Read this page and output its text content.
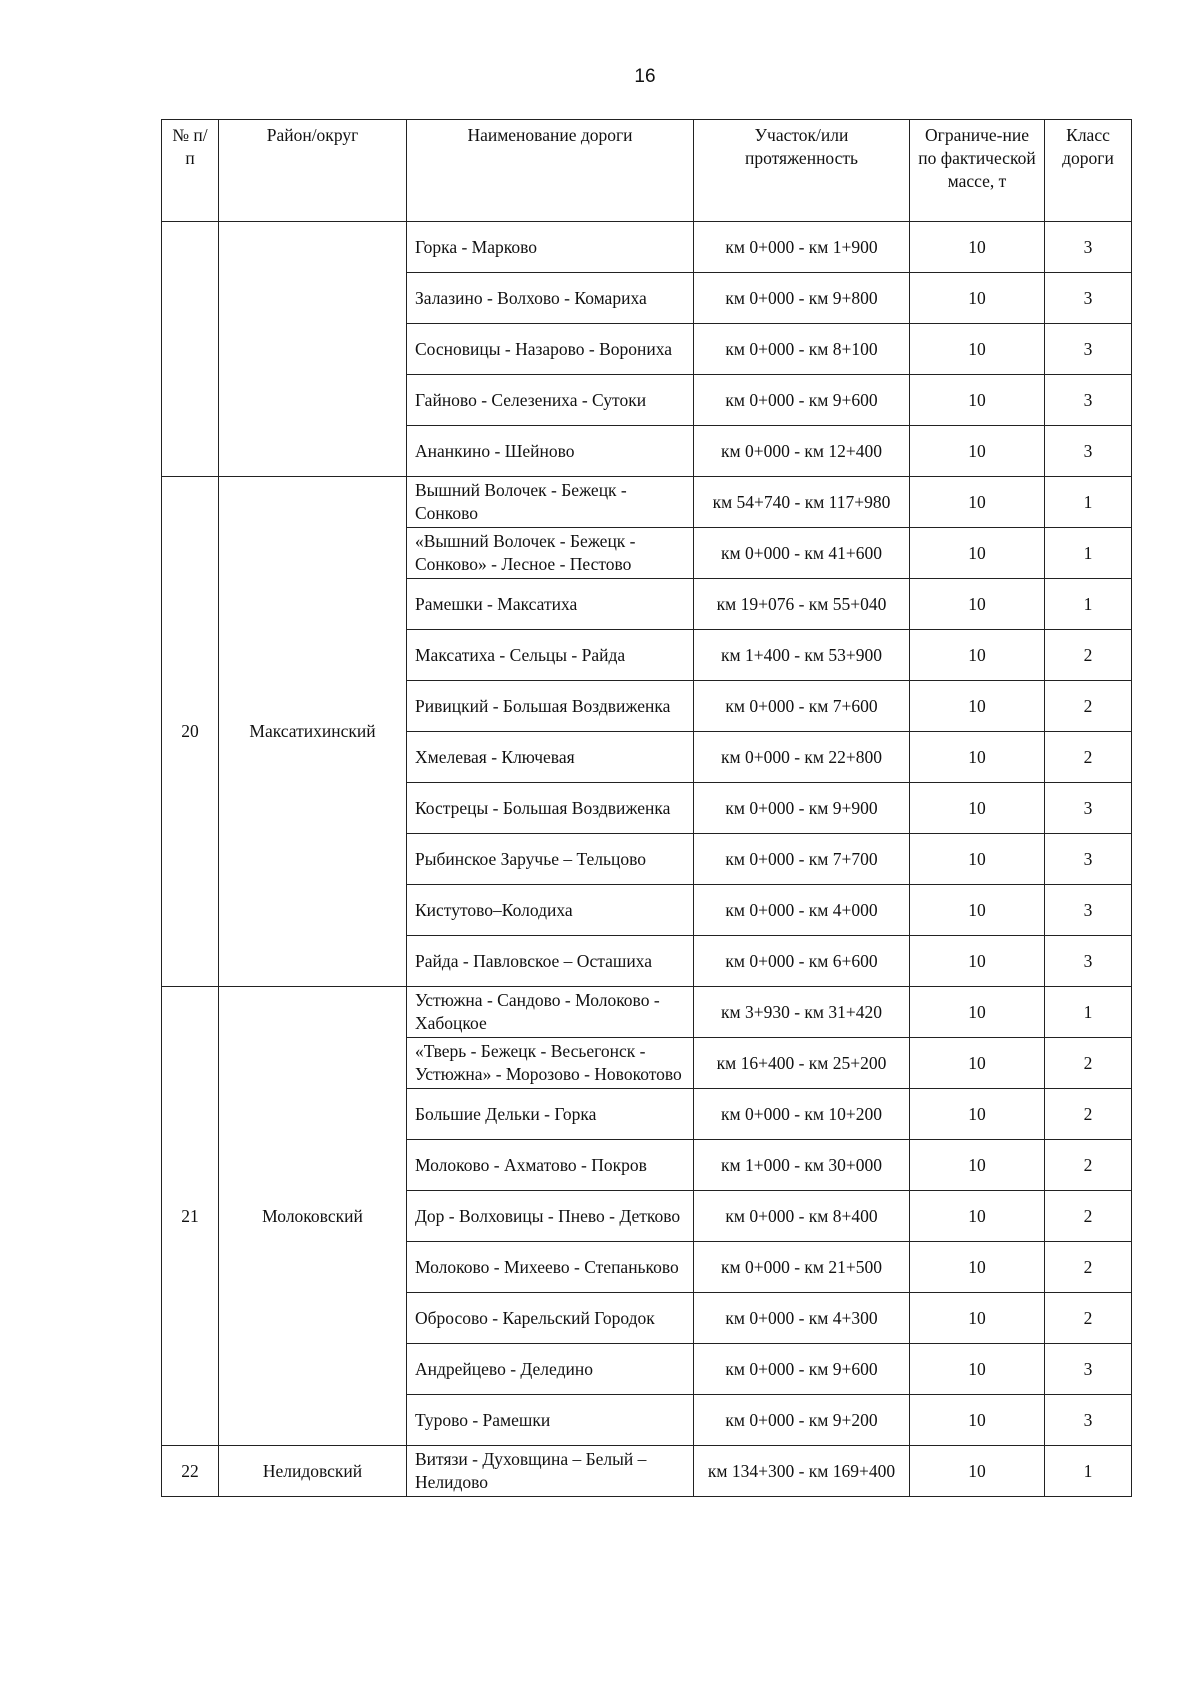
16
№ п/п	Район/округ	Наименование дороги	Участок/или протяженность	Ограниче-ние по фактической массе, т	Класс дороги
		Горка - Марково	км 0+000 - км 1+900	10	3
		Залазино - Волхово - Комариха	км 0+000 - км 9+800	10	3
		Сосновицы - Назарово - Ворониха	км 0+000 - км 8+100	10	3
		Гайново - Селезениха - Сутоки	км 0+000 - км 9+600	10	3
		Ананкино - Шейново	км 0+000 - км 12+400	10	3
20	Максатихинский	Вышний Волочек - Бежецк - Сонково	км 54+740 - км 117+980	10	1
		«Вышний Волочек - Бежецк - Сонково» - Лесное - Пестово	км 0+000 - км 41+600	10	1
		Рамешки - Максатиха	км 19+076 - км 55+040	10	1
		Максатиха - Сельцы - Райда	км 1+400 - км 53+900	10	2
		Ривицкий - Большая Воздвиженка	км 0+000 - км 7+600	10	2
		Хмелевая - Ключевая	км 0+000 - км 22+800	10	2
		Кострецы - Большая Воздвиженка	км 0+000 - км 9+900	10	3
		Рыбинское Заручье – Тельцово	км 0+000 - км 7+700	10	3
		Кистутово–Колодиха	км 0+000 - км 4+000	10	3
		Райда - Павловское – Осташиха	км 0+000 - км 6+600	10	3
21	Молоковский	Устюжна - Сандово - Молоково - Хабоцкое	км 3+930 - км 31+420	10	1
		«Тверь - Бежецк - Весьегонск - Устюжна» - Морозово - Новокотово	км 16+400 - км 25+200	10	2
		Большие Дельки - Горка	км 0+000 - км 10+200	10	2
		Молоково - Ахматово - Покров	км 1+000 - км 30+000	10	2
		Дор - Волховицы - Пнево - Детково	км 0+000 - км 8+400	10	2
		Молоково - Михеево - Степаньково	км 0+000 - км 21+500	10	2
		Обросово - Карельский Городок	км 0+000 - км 4+300	10	2
		Андрейцево - Деледино	км 0+000 - км 9+600	10	3
		Турово - Рамешки	км 0+000 - км 9+200	10	3
22	Нелидовский	Витязи - Духовщина – Белый – Нелидово	км 134+300 - км 169+400	10	1
